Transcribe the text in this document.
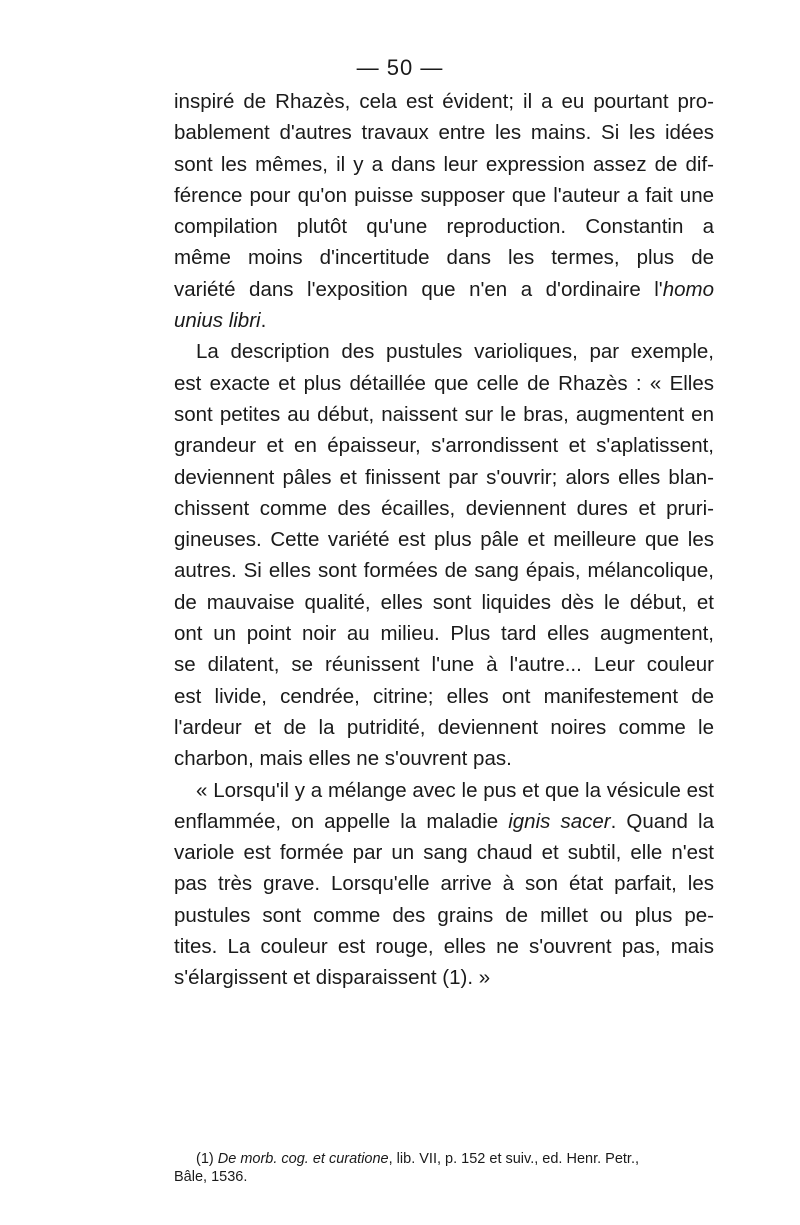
— 50 —
inspiré de Rhazès, cela est évident; il a eu pourtant pro-
bablement d'autres travaux entre les mains. Si les idées
sont les mêmes, il y a dans leur expression assez de dif-
férence pour qu'on puisse supposer que l'auteur a fait une
compilation plutôt qu'une reproduction. Constantin a
même moins d'incertitude dans les termes, plus de
variété dans l'exposition que n'en a d'ordinaire l'homo
unius libri.
La description des pustules varioliques, par exemple,
est exacte et plus détaillée que celle de Rhazès : « Elles
sont petites au début, naissent sur le bras, augmentent en
grandeur et en épaisseur, s'arrondissent et s'aplatissent,
deviennent pâles et finissent par s'ouvrir; alors elles blan-
chissent comme des écailles, deviennent dures et pruri-
gineuses. Cette variété est plus pâle et meilleure que les
autres. Si elles sont formées de sang épais, mélancolique,
de mauvaise qualité, elles sont liquides dès le début, et
ont un point noir au milieu. Plus tard elles augmentent,
se dilatent, se réunissent l'une à l'autre... Leur couleur
est livide, cendrée, citrine; elles ont manifestement de
l'ardeur et de la putridité, deviennent noires comme le
charbon, mais elles ne s'ouvrent pas.
« Lorsqu'il y a mélange avec le pus et que la vésicule est
enflammée, on appelle la maladie ignis sacer. Quand la
variole est formée par un sang chaud et subtil, elle n'est
pas très grave. Lorsqu'elle arrive à son état parfait, les
pustules sont comme des grains de millet ou plus pe-
tites. La couleur est rouge, elles ne s'ouvrent pas, mais
s'élargissent et disparaissent (1). »
(1) De morb. cog. et curatione, lib. VII, p. 152 et suiv., ed. Henr. Petr.,
Bâle, 1536.
